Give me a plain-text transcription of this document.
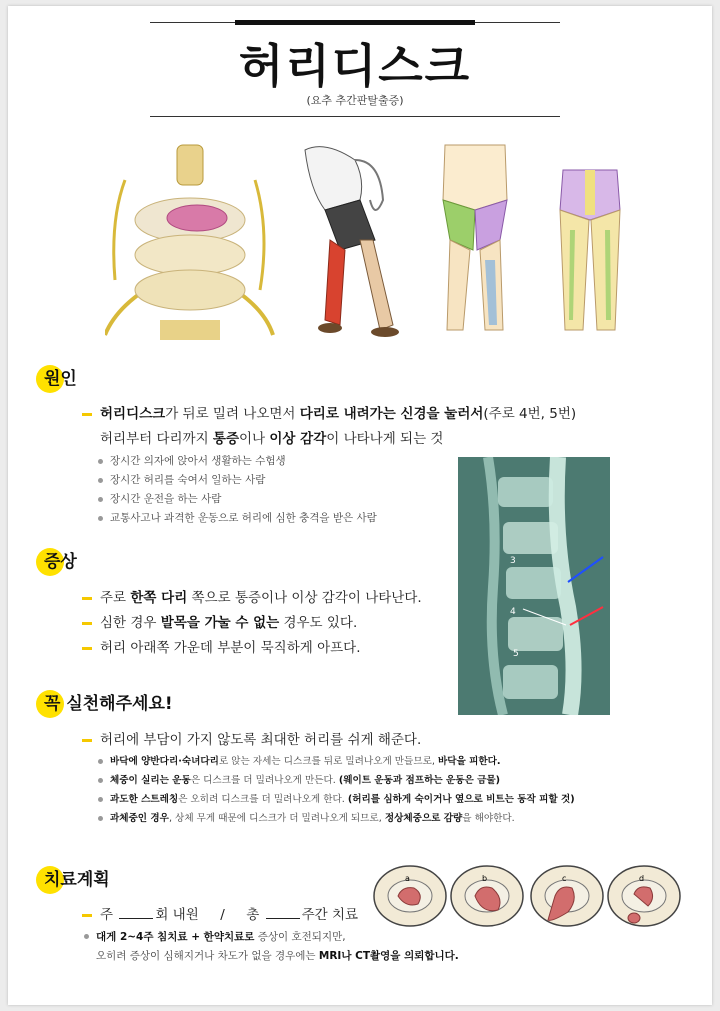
허리디스크
(요추 추간판탈출증)
원인
허리디스크가 뒤로 밀려 나오면서 다리로 내려가는 신경을 눌러서(주로 4번, 5번)
허리부터 다리까지 통증이나 이상 감각이 나타나게 되는 것
장시간 의자에 앉아서 생활하는 수험생
장시간 허리를 숙여서 일하는 사람
장시간 운전을 하는 사람
교통사고나 과격한 운동으로 허리에 심한 충격을 받은 사람
3
4
5
증상
주로 한쪽 다리 쪽으로 통증이나 이상 감각이 나타난다.
심한 경우 발목을 가눌 수 없는 경우도 있다.
허리 아래쪽 가운데 부분이 묵직하게 아프다.
꼭 실천해주세요!
허리에 부담이 가지 않도록 최대한 허리를 쉬게 해준다.
바닥에 양반다리·숙녀다리로 앉는 자세는 디스크를 뒤로 밀려나오게 만들므로, 바닥을 피한다.
체중이 실리는 운동은 디스크를 더 밀려나오게 만든다. (웨이트 운동과 점프하는 운동은 금물)
과도한 스트레칭은 오히려 디스크를 더 밀려나오게 한다. (허리를 심하게 숙이거나 옆으로 비트는 동작 피할 것)
과체중인 경우, 상체 무게 때문에 디스크가 더 밀려나오게 되므로, 정상체중으로 감량을 해야한다.
치료계획
주	회 내원 / 총	주간 치료
대게 2~4주 침치료 + 한약치료로 증상이 호전되지만,
오히려 증상이 심해지거나 차도가 없을 경우에는 MRI나 CT촬영을 의뢰합니다.
a	b	c	d
